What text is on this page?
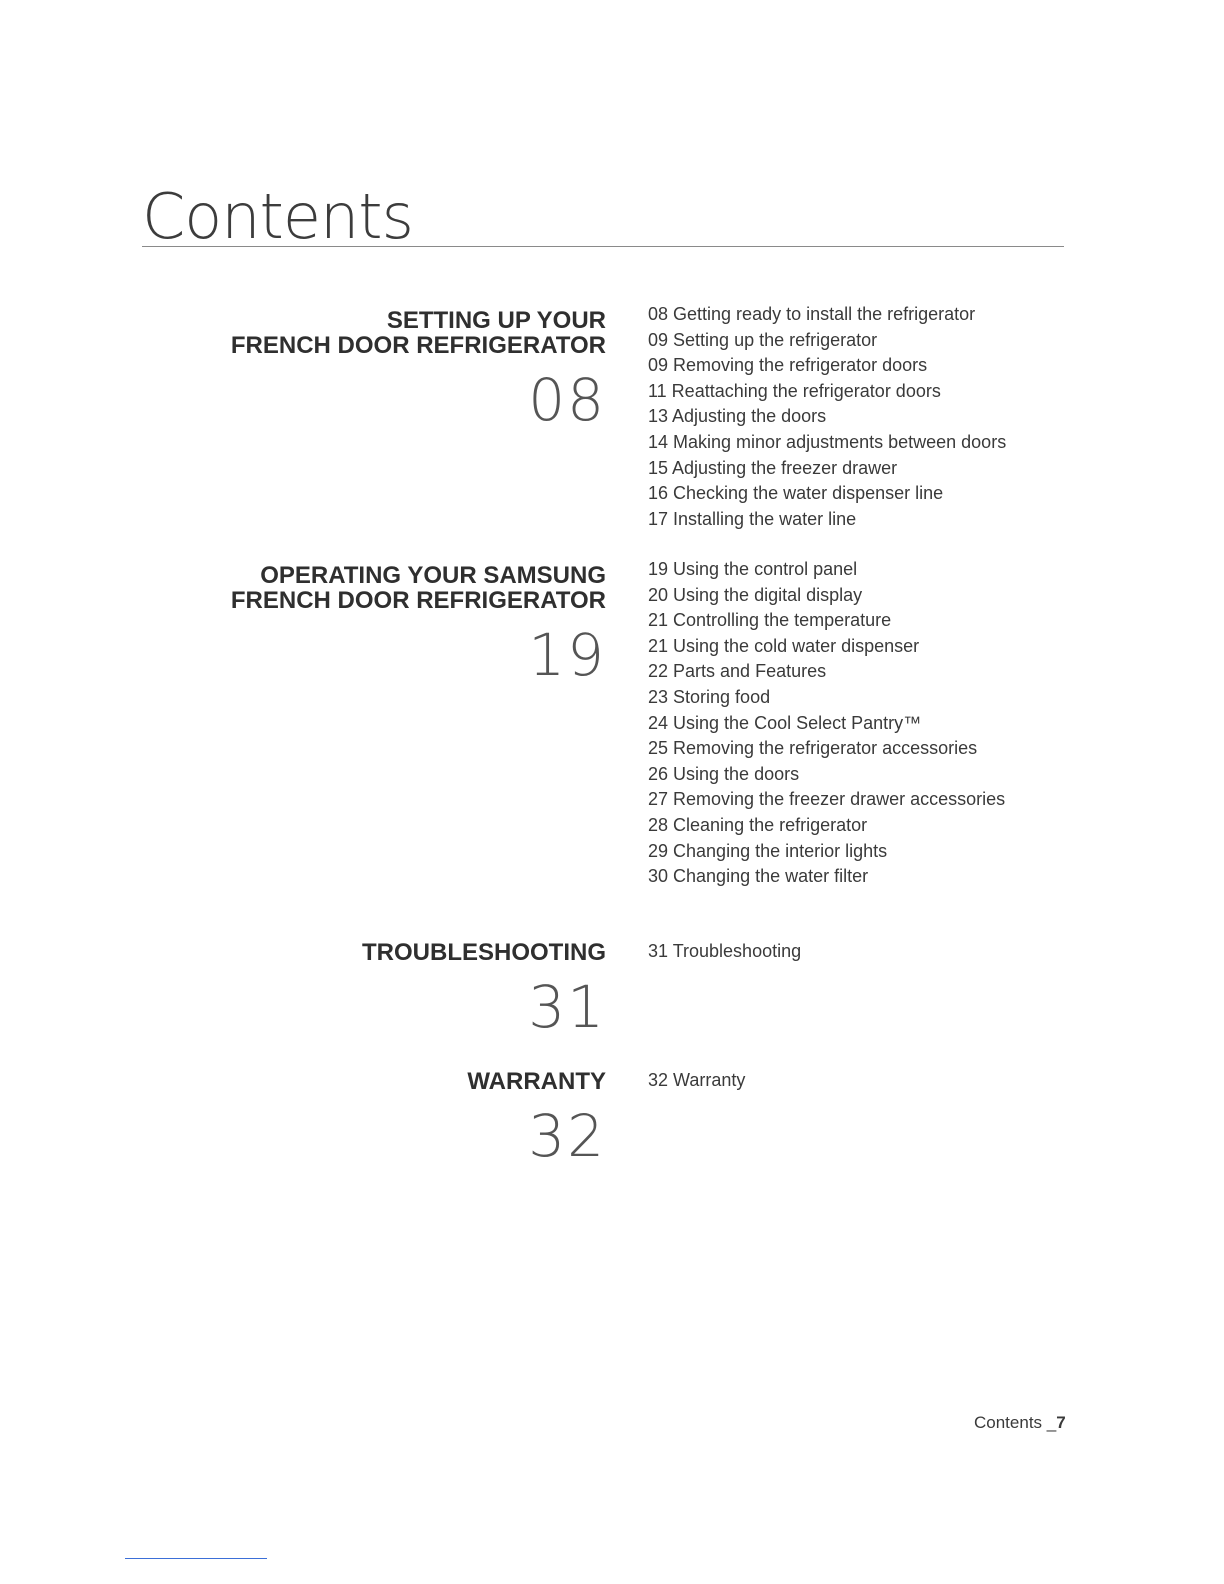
Contents
SETTING UP YOUR
FRENCH DOOR REFRIGERATOR
08
08 Getting ready to install the refrigerator
09 Setting up the refrigerator
09 Removing the refrigerator doors
11 Reattaching the refrigerator doors
13 Adjusting the doors
14 Making minor adjustments between doors
15 Adjusting the freezer drawer
16 Checking the water dispenser line
17 Installing the water line
OPERATING YOUR SAMSUNG
FRENCH DOOR REFRIGERATOR
19
19 Using the control panel
20 Using the digital display
21 Controlling the temperature
21 Using the cold water dispenser
22 Parts and Features
23 Storing food
24 Using the Cool Select Pantry™
25 Removing the refrigerator accessories
26 Using the doors
27 Removing the freezer drawer accessories
28 Cleaning the refrigerator
29 Changing the interior lights
30 Changing the water filter
TROUBLESHOOTING
31
31 Troubleshooting
WARRANTY
32
32 Warranty
Contents _7
